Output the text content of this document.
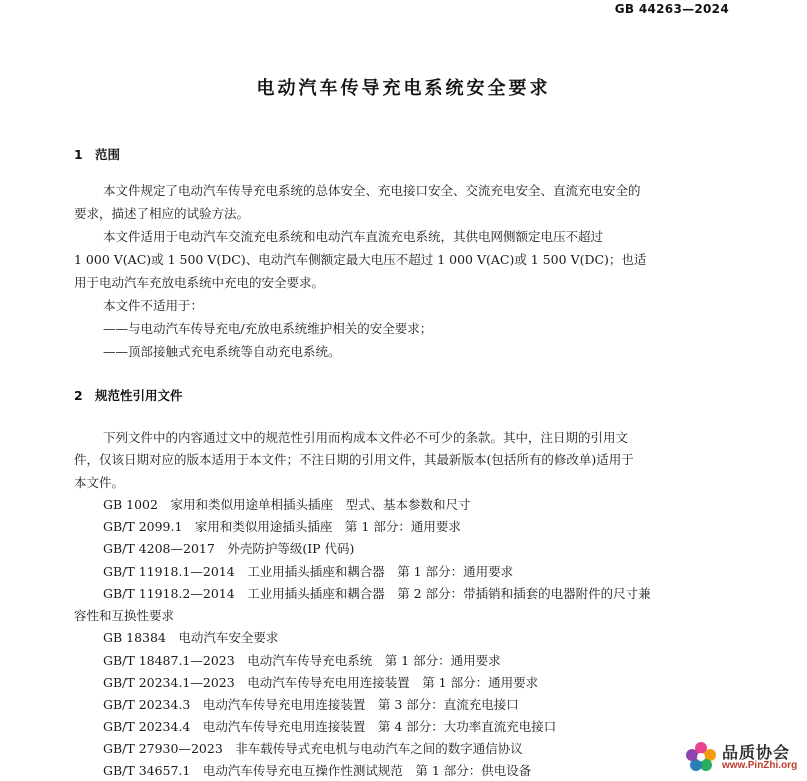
GB 44263—2024
电动汽车传导充电系统安全要求
1 范围
本文件规定了电动汽车传导充电系统的总体安全、充电接口安全、交流充电安全、直流充电安全的
要求，描述了相应的试验方法。
本文件适用于电动汽车交流充电系统和电动汽车直流充电系统，其供电网侧额定电压不超过
1 000 V(AC)或 1 500 V(DC)、电动汽车侧额定最大电压不超过 1 000 V(AC)或 1 500 V(DC)；也适
用于电动汽车充放电系统中充电的安全要求。
本文件不适用于：
——与电动汽车传导充电/充放电系统维护相关的安全要求；
——顶部接触式充电系统等自动充电系统。
2 规范性引用文件
下列文件中的内容通过文中的规范性引用而构成本文件必不可少的条款。其中，注日期的引用文
件，仅该日期对应的版本适用于本文件；不注日期的引用文件，其最新版本(包括所有的修改单)适用于
本文件。
GB 1002　家用和类似用途单相插头插座　型式、基本参数和尺寸
GB/T 2099.1　家用和类似用途插头插座　第 1 部分：通用要求
GB/T 4208—2017　外壳防护等级(IP 代码)
GB/T 11918.1—2014　工业用插头插座和耦合器　第 1 部分：通用要求
GB/T 11918.2—2014　工业用插头插座和耦合器　第 2 部分：带插销和插套的电器附件的尺寸兼
容性和互换性要求
GB 18384　电动汽车安全要求
GB/T 18487.1—2023　电动汽车传导充电系统　第 1 部分：通用要求
GB/T 20234.1—2023　电动汽车传导充电用连接装置　第 1 部分：通用要求
GB/T 20234.3　电动汽车传导充电用连接装置　第 3 部分：直流充电接口
GB/T 20234.4　电动汽车传导充电用连接装置　第 4 部分：大功率直流充电接口
GB/T 27930—2023　非车载传导式充电机与电动汽车之间的数字通信协议
GB/T 34657.1　电动汽车传导充电互操作性测试规范　第 1 部分：供电设备
品质协会
www.PinZhi.org
